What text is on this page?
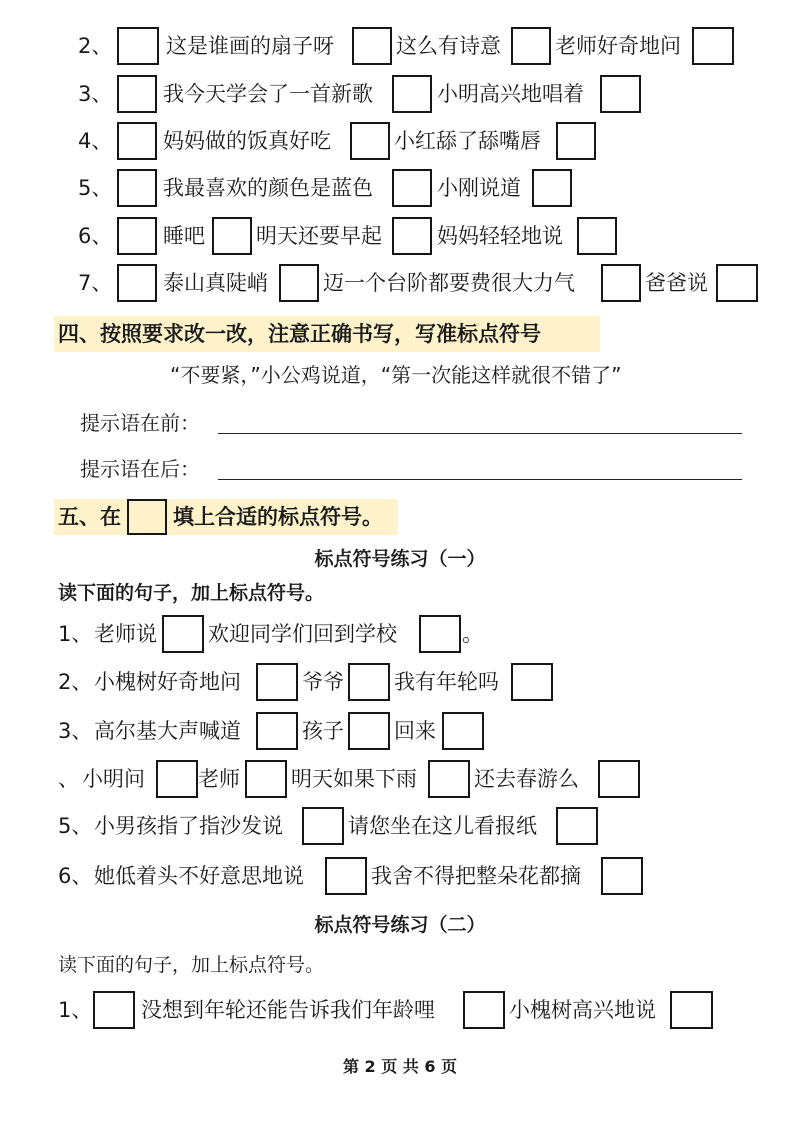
2、	这是谁画的扇子呀	这么有诗意	老师好奇地问
3、 我今天学会了一首新歌	小明高兴地唱着
4、 妈妈做的饭真好吃	小红舔了舔嘴唇
5、 我最喜欢的颜色是蓝色	小刚说道
6、 睡吧 明天还要早起	妈妈轻轻地说
7、 泰山真陡峭	迈一个台阶都要费很大力气	爸爸说
四、按照要求改一改，注意正确书写，写准标点符号
“不要紧，”小公鸡说道，“第一次能这样就很不错了”
提示语在前：
提示语在后：
五、在 填上合适的标点符号。
标点符号练习（一）
读下面的句子，加上标点符号。
1、 老师说 欢迎同学们回到学校	。
2、 小槐树好奇地问	爷爷 我有年轮吗
3、 高尔基大声喊道	孩子 回来
、 小明问	老师 明天如果下雨	还去春游么
5、 小男孩指了指沙发说	请您坐在这儿看报纸
6、 她低着头不好意思地说	我舍不得把整朵花都摘
标点符号练习（二）
读下面的句子，加上标点符号。
1、 没想到年轮还能告诉我们年龄哩	小槐树高兴地说
第 2 页 共 6 页
